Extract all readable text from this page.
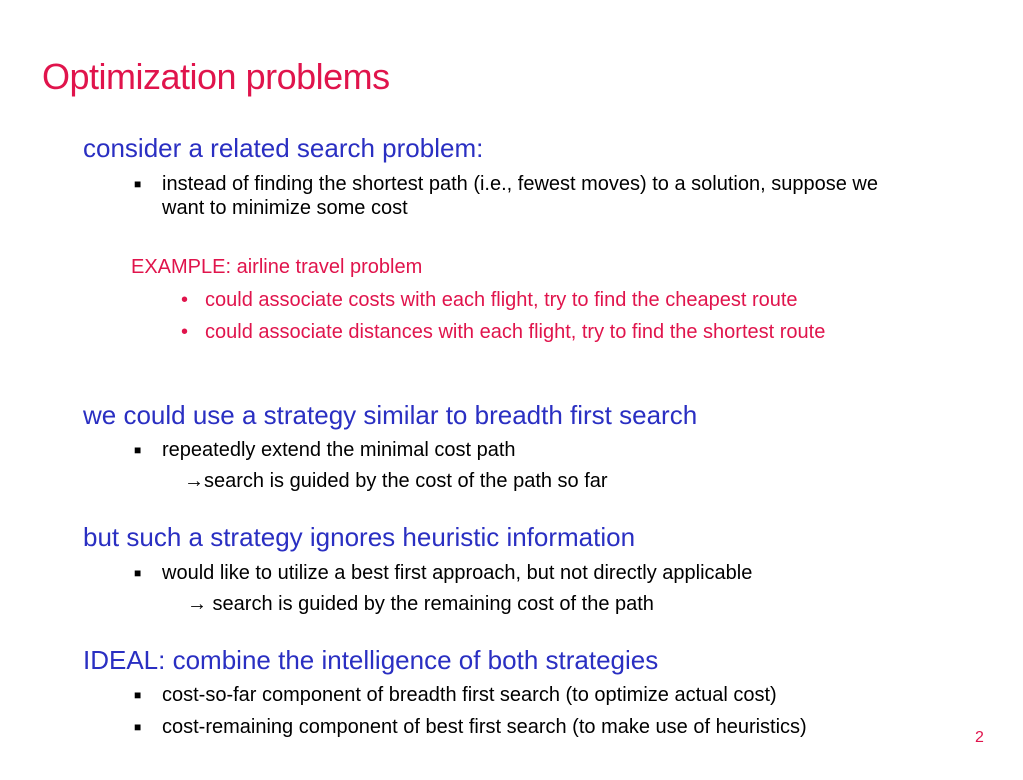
Optimization problems
consider a related search problem:
■ instead of finding the shortest path (i.e., fewest moves) to a solution, suppose we
want to minimize some cost
EXAMPLE: airline travel problem
• could associate costs with each flight, try to find the cheapest route
• could associate distances with each flight, try to find the shortest route
we could use a strategy similar to breadth first search
■ repeatedly extend the minimal cost path
→search is guided by the cost of the path so far
but such a strategy ignores heuristic information
■ would like to utilize a best first approach, but not directly applicable
→ search is guided by the remaining cost of the path
IDEAL: combine the intelligence of both strategies
■ cost-so-far component of breadth first search (to optimize actual cost)
■ cost-remaining component of best first search (to make use of heuristics)	2
